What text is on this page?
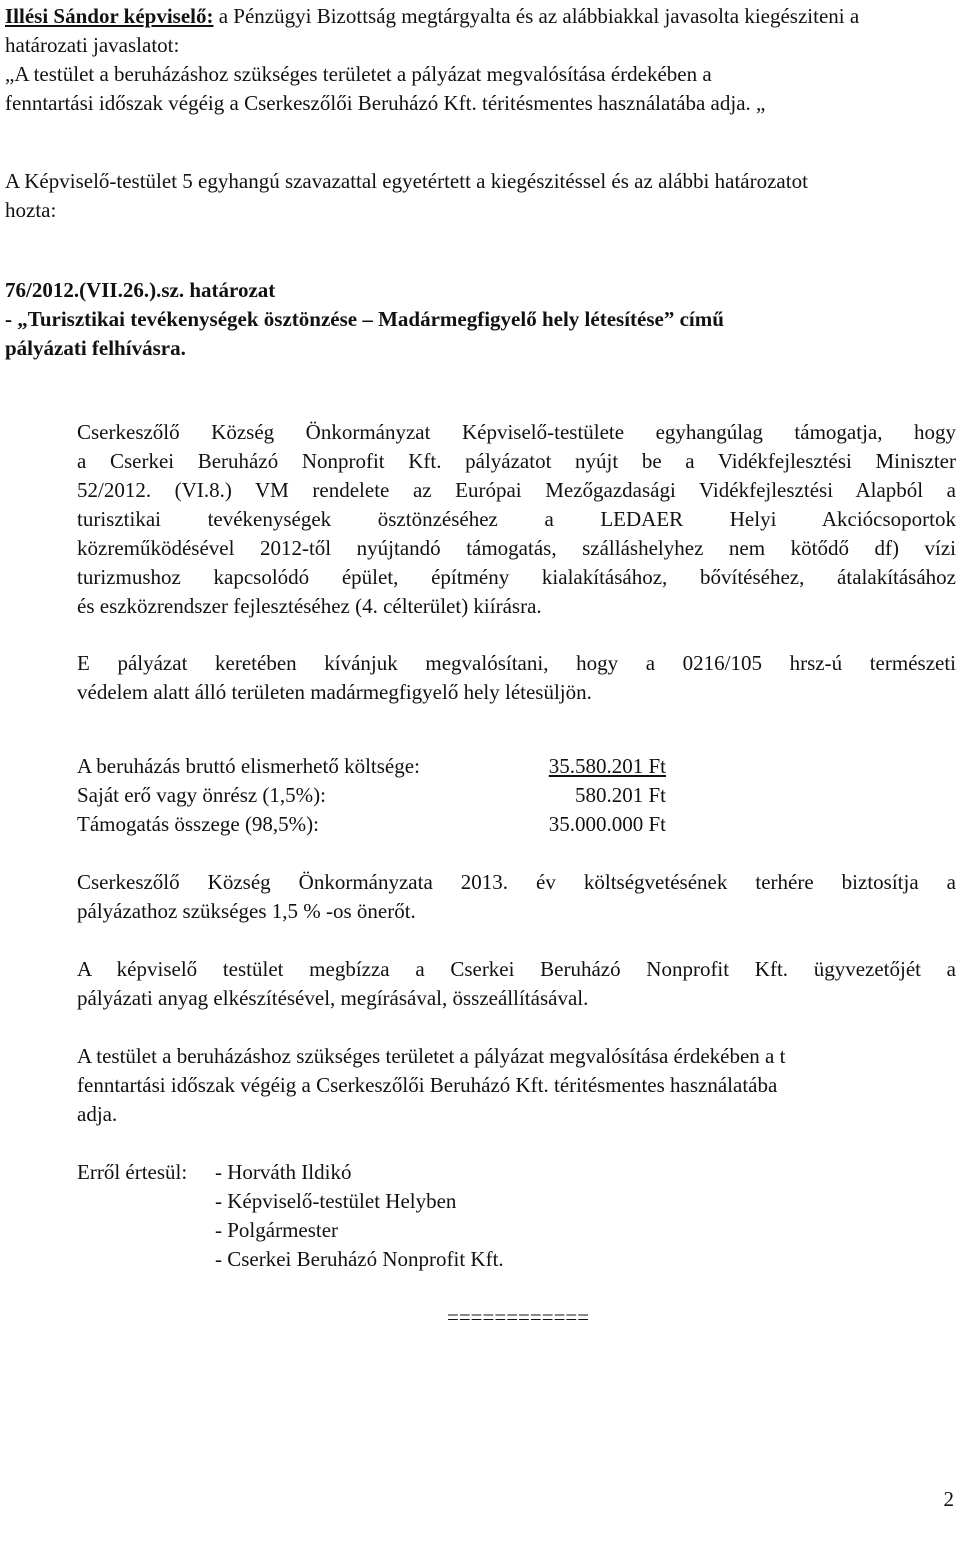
Illési Sándor képviselő: a Pénzügyi Bizottság megtárgyalta és az alábbiakkal javasolta kiegésziteni a
határozati javaslatot:
„A testület a beruházáshoz szükséges területet a pályázat megvalósítása érdekében a
fenntartási időszak végéig a Cserkeszőlői Beruházó Kft. téritésmentes használatába adja. „
A Képviselő-testület 5 egyhangú szavazattal egyetértett a kiegészitéssel és az alábbi határozatot
hozta:
76/2012.(VII.26.).sz. határozat
- „Turisztikai tevékenységek ösztönzése – Madármegfigyelő hely létesítése” című
pályázati felhívásra.
Cserkeszőlő Község Önkormányzat Képviselő-testülete egyhangúlag támogatja, hogy
a Cserkei Beruházó Nonprofit Kft. pályázatot nyújt be a Vidékfejlesztési Miniszter
52/2012. (VI.8.) VM rendelete az Európai Mezőgazdasági Vidékfejlesztési Alapból a
turisztikai tevékenységek ösztönzéséhez a LEDAER Helyi Akciócsoportok
közreműködésével 2012-től nyújtandó támogatás, szálláshelyhez nem kötődő df) vízi
turizmushoz kapcsolódó épület, építmény kialakításához, bővítéséhez, átalakításához
és eszközrendszer fejlesztéséhez (4. célterület) kiírásra.
E pályázat keretében kívánjuk megvalósítani, hogy a 0216/105 hrsz-ú természeti
védelem alatt álló területen madármegfigyelő hely létesüljön.
A beruházás bruttó elismerhető költsége:	35.580.201 Ft
Saját erő vagy önrész (1,5%):	580.201 Ft
Támogatás összege (98,5%):	35.000.000 Ft
Cserkeszőlő Község Önkormányzata 2013. év költségvetésének terhére biztosítja a
pályázathoz szükséges 1,5 % -os önerőt.
A képviselő testület megbízza a Cserkei Beruházó Nonprofit Kft. ügyvezetőjét a
pályázati anyag elkészítésével, megírásával, összeállításával.
A testület a beruházáshoz szükséges területet a pályázat megvalósítása érdekében a t
fenntartási időszak végéig a Cserkeszőlői Beruházó Kft. téritésmentes használatába
adja.
Erről értesül: - Horváth Ildikó
- Képviselő-testület Helyben
- Polgármester
- Cserkei Beruházó Nonprofit Kft.
============
2
